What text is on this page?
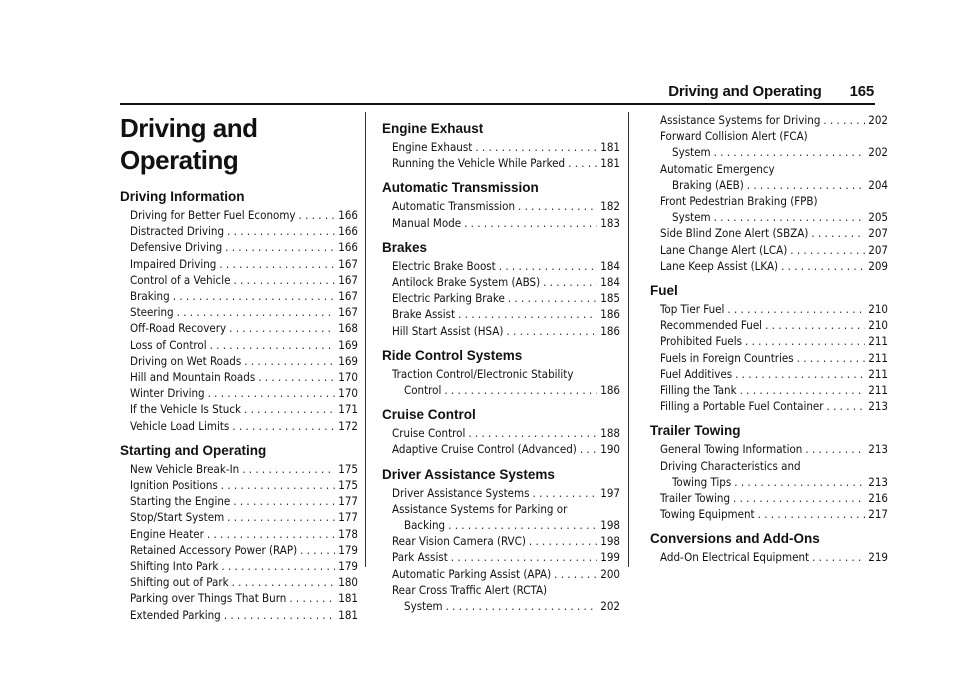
Driving and Operating 165
Driving and Operating
Driving Information
Driving for Better Fuel Economy . . .	166
Distracted Driving . . .	166
Defensive Driving . . .	166
Impaired Driving . . .	167
Control of a Vehicle . . .	167
Braking . . .	167
Steering . . .	167
Off-Road Recovery . . .	168
Loss of Control . . .	169
Driving on Wet Roads . . .	169
Hill and Mountain Roads . . .	170
Winter Driving . . .	170
If the Vehicle Is Stuck . . .	171
Vehicle Load Limits . . .	172
Starting and Operating
New Vehicle Break-In . . .	175
Ignition Positions . . .	175
Starting the Engine . . .	177
Stop/Start System . . .	177
Engine Heater . . .	178
Retained Accessory Power (RAP) . . .	179
Shifting Into Park . . .	179
Shifting out of Park . . .	180
Parking over Things That Burn . . .	181
Extended Parking . . .	181
Engine Exhaust
Engine Exhaust . . .	181
Running the Vehicle While Parked . . .	181
Automatic Transmission
Automatic Transmission . . .	182
Manual Mode . . .	183
Brakes
Electric Brake Boost . . .	184
Antilock Brake System (ABS) . . .	184
Electric Parking Brake . . .	185
Brake Assist . . .	186
Hill Start Assist (HSA) . . .	186
Ride Control Systems
Traction Control/Electronic Stability
Control . . .	186
Cruise Control
Cruise Control . . .	188
Adaptive Cruise Control (Advanced) . . . 190
Driver Assistance Systems
Driver Assistance Systems . . .	197
Assistance Systems for Parking or
Backing . . .	198
Rear Vision Camera (RVC) . . .	198
Park Assist . . .	199
Automatic Parking Assist (APA) . . .	200
Rear Cross Traffic Alert (RCTA)
System . . .	202
Assistance Systems for Driving . . .	202
Forward Collision Alert (FCA)
System . . .	202
Automatic Emergency
Braking (AEB) . . .	204
Front Pedestrian Braking (FPB)
System . . .	205
Side Blind Zone Alert (SBZA) . . .	207
Lane Change Alert (LCA) . . .	207
Lane Keep Assist (LKA) . . .	209
Fuel
Top Tier Fuel . . .	210
Recommended Fuel . . .	210
Prohibited Fuels . . .	211
Fuels in Foreign Countries . . .	211
Fuel Additives . . .	211
Filling the Tank . . .	211
Filling a Portable Fuel Container . . .	213
Trailer Towing
General Towing Information . . .	213
Driving Characteristics and
Towing Tips . . .	213
Trailer Towing . . .	216
Towing Equipment . . .	217
Conversions and Add-Ons
Add-On Electrical Equipment . . .	219
